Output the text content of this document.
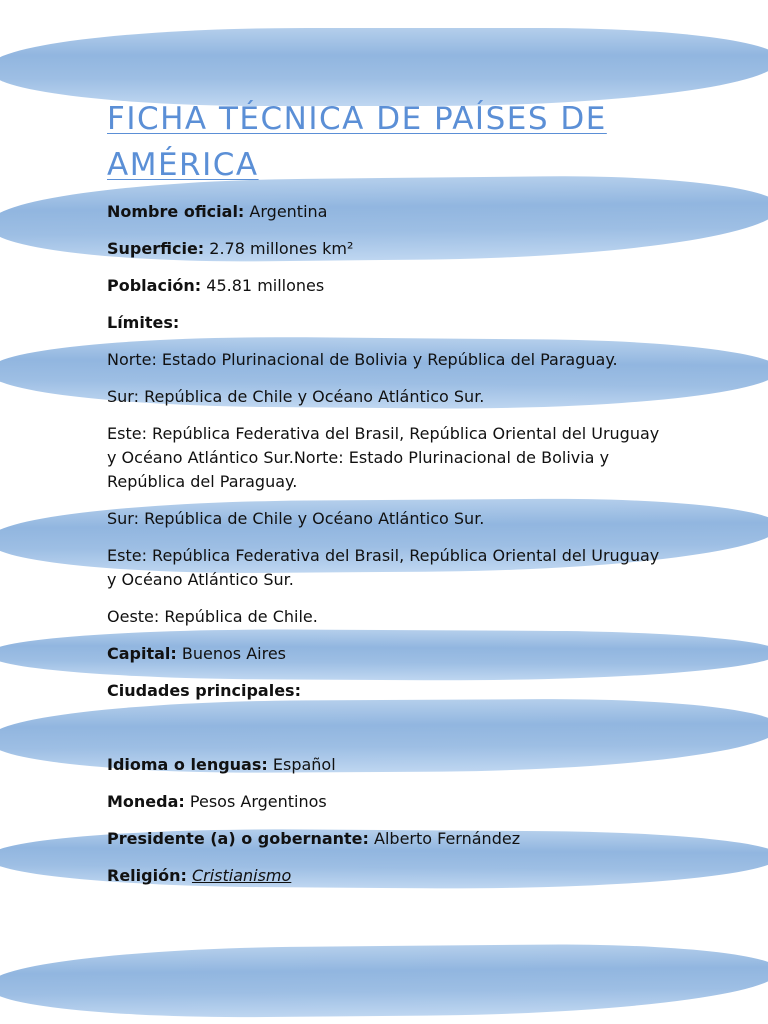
FICHA TÉCNICA DE PAÍSES DE AMÉRICA

Nombre oficial: Argentina

Superficie: 2.78 millones km²

Población: 45.81 millones

Límites:

Norte: Estado Plurinacional de Bolivia y República del Paraguay.

Sur: República de Chile y Océano Atlántico Sur.

Este: República Federativa del Brasil, República Oriental del Uruguay y Océano Atlántico Sur.Norte: Estado Plurinacional de Bolivia y República del Paraguay.

Sur: República de Chile y Océano Atlántico Sur.

Este: República Federativa del Brasil, República Oriental del Uruguay y Océano Atlántico Sur.

Oeste: República de Chile.

Capital: Buenos Aires

Ciudades principales:

Idioma o lenguas: Español

Moneda: Pesos Argentinos

Presidente (a) o gobernante: Alberto Fernández

Religión: Cristianismo
